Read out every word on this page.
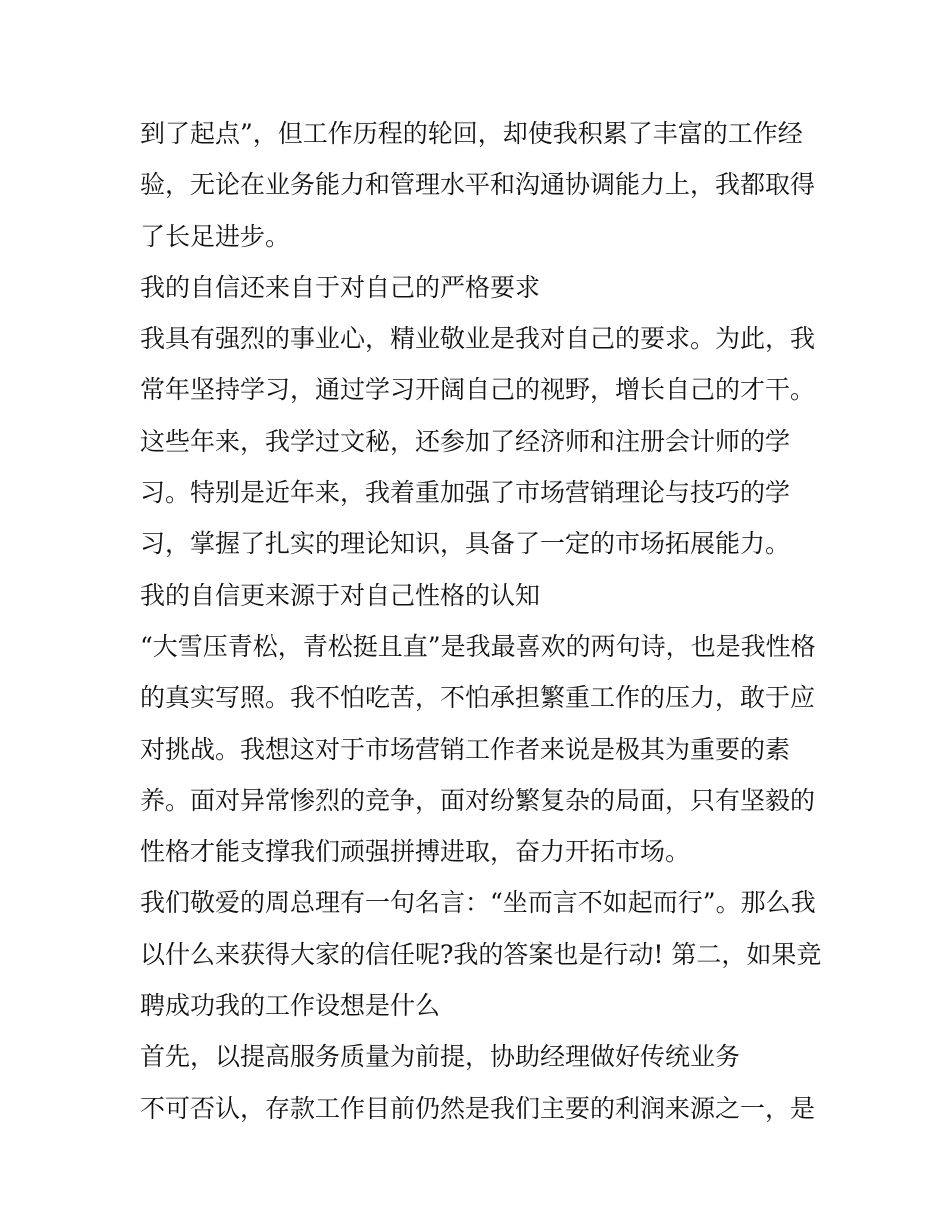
到了起点”，但工作历程的轮回，却使我积累了丰富的工作经
验，无论在业务能力和管理水平和沟通协调能力上，我都取得
了长足进步。
我的自信还来自于对自己的严格要求
我具有强烈的事业心，精业敬业是我对自己的要求。为此，我
常年坚持学习，通过学习开阔自己的视野，增长自己的才干。
这些年来，我学过文秘，还参加了经济师和注册会计师的学
习。特别是近年来，我着重加强了市场营销理论与技巧的学
习，掌握了扎实的理论知识，具备了一定的市场拓展能力。
我的自信更来源于对自己性格的认知
“大雪压青松，青松挺且直”是我最喜欢的两句诗，也是我性格
的真实写照。我不怕吃苦，不怕承担繁重工作的压力，敢于应
对挑战。我想这对于市场营销工作者来说是极其为重要的素
养。面对异常惨烈的竞争，面对纷繁复杂的局面，只有坚毅的
性格才能支撑我们顽强拼搏进取，奋力开拓市场。
我们敬爱的周总理有一句名言：“坐而言不如起而行”。那么我
以什么来获得大家的信任呢?我的答案也是行动! 第二，如果竞
聘成功我的工作设想是什么
首先，以提高服务质量为前提，协助经理做好传统业务
不可否认，存款工作目前仍然是我们主要的利润来源之一，是
